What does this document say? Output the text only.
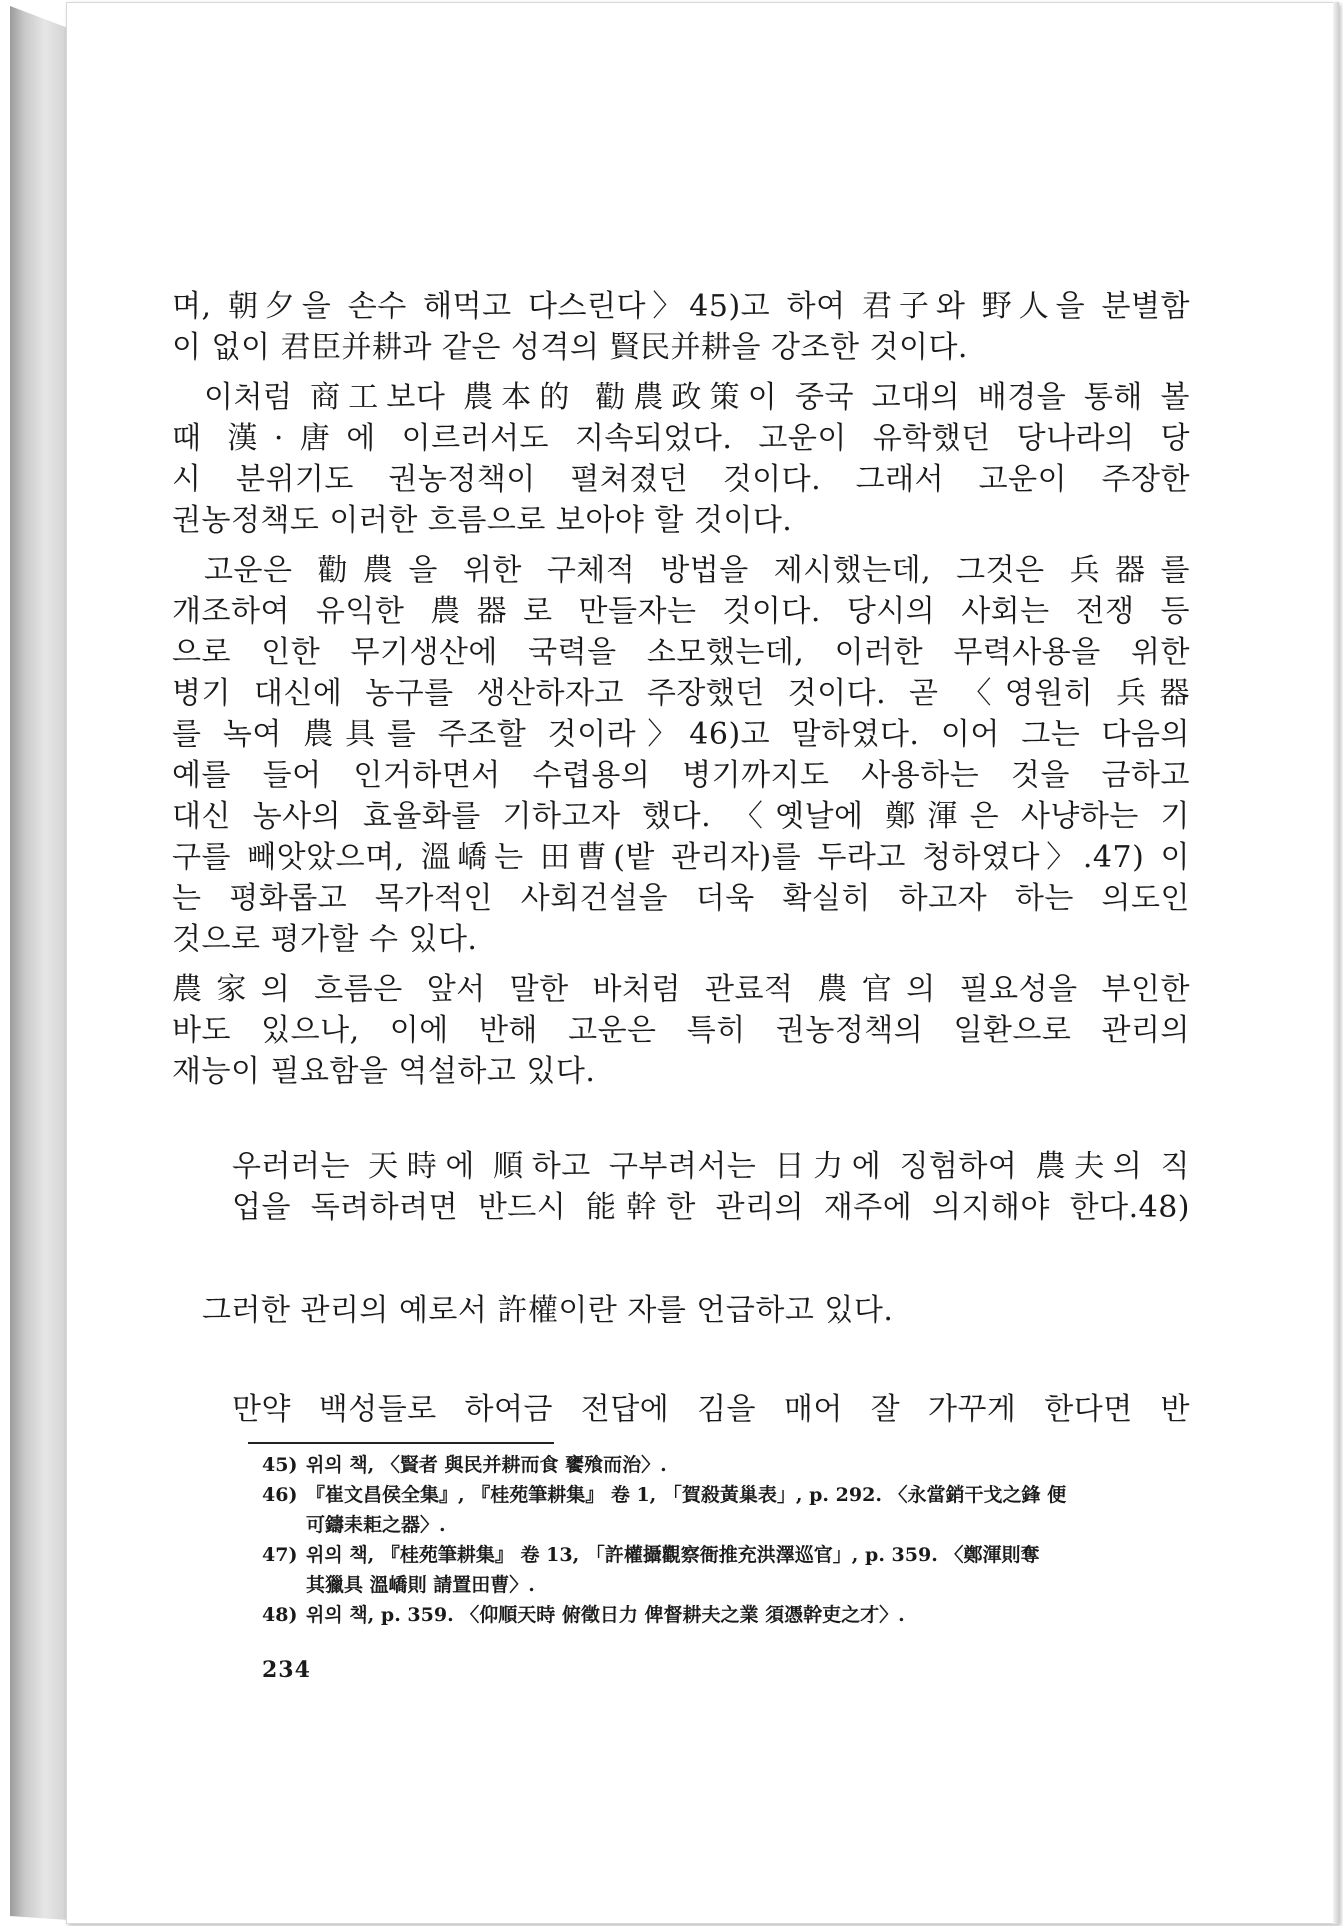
며, 朝夕을 손수 해먹고 다스린다〉45)고 하여 君子와 野人을 분별함
이 없이 君臣并耕과 같은 성격의 賢民并耕을 강조한 것이다.
이처럼 商工보다 農本的 勸農政策이 중국 고대의 배경을 통해 볼
때 漢·唐에 이르러서도 지속되었다. 고운이 유학했던 당나라의 당
시 분위기도 권농정책이 펼쳐졌던 것이다. 그래서 고운이 주장한
권농정책도 이러한 흐름으로 보아야 할 것이다.
고운은 勸農을 위한 구체적 방법을 제시했는데, 그것은 兵器를
개조하여 유익한 農器로 만들자는 것이다. 당시의 사회는 전쟁 등
으로 인한 무기생산에 국력을 소모했는데, 이러한 무력사용을 위한
병기 대신에 농구를 생산하자고 주장했던 것이다. 곧 〈영원히 兵器
를 녹여 農具를 주조할 것이라〉46)고 말하였다. 이어 그는 다음의
예를 들어 인거하면서 수렵용의 병기까지도 사용하는 것을 금하고
대신 농사의 효율화를 기하고자 했다. 〈옛날에 鄭渾은 사냥하는 기
구를 빼앗았으며, 溫嶠는 田曹(밭 관리자)를 두라고 청하였다〉.47) 이
는 평화롭고 목가적인 사회건설을 더욱 확실히 하고자 하는 의도인
것으로 평가할 수 있다.
農家의 흐름은 앞서 말한 바처럼 관료적 農官의 필요성을 부인한
바도 있으나, 이에 반해 고운은 특히 권농정책의 일환으로 관리의
재능이 필요함을 역설하고 있다.
우러러는 天時에 順하고 구부려서는 日力에 징험하여 農夫의 직
업을 독려하려면 반드시 能幹한 관리의 재주에 의지해야 한다.48)
그러한 관리의 예로서 許權이란 자를 언급하고 있다.
만약 백성들로 하여금 전답에 김을 매어 잘 가꾸게 한다면 반
45) 위의 책, 〈賢者 與民并耕而食 饔飱而治〉.
46) 『崔文昌侯全集』, 『桂苑筆耕集』 卷 1, 「賀殺黃巢表」, p. 292. 〈永當銷干戈之鋒 便
可鑄耒耟之器〉.
47) 위의 책, 『桂苑筆耕集』 卷 13, 「許權攝觀察衙推充洪澤巡官」, p. 359. 〈鄭渾則奪
其獵具 溫嶠則 請置田曹〉.
48) 위의 책, p. 359. 〈仰順天時 俯徵日力 俾督耕夫之業 須憑幹吏之才〉.
234
